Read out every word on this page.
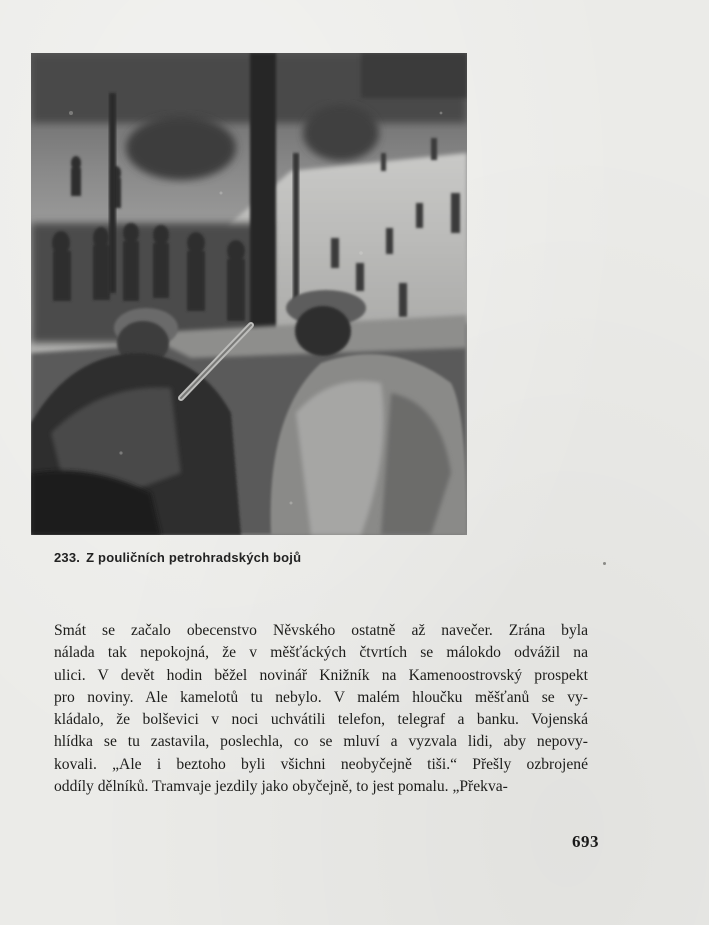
233. Z pouličních petrohradských bojů
Smát se začalo obecenstvo Něvského ostatně až navečer. Zrána byla
nálada tak nepokojná, že v měšťáckých čtvrtích se málokdo odvážil na
ulici. V devět hodin běžel novinář Knižník na Kamenoostrovský prospekt
pro noviny. Ale kamelotů tu nebylo. V malém hloučku měšťanů se vy-
kládalo, že bolševici v noci uchvátili telefon, telegraf a banku. Vojenská
hlídka se tu zastavila, poslechla, co se mluví a vyzvala lidi, aby nepovy-
kovali. „Ale i beztoho byli všichni neobyčejně tiši.“ Přešly ozbrojené
oddíly dělníků. Tramvaje jezdily jako obyčejně, to jest pomalu. „Překva-
693
